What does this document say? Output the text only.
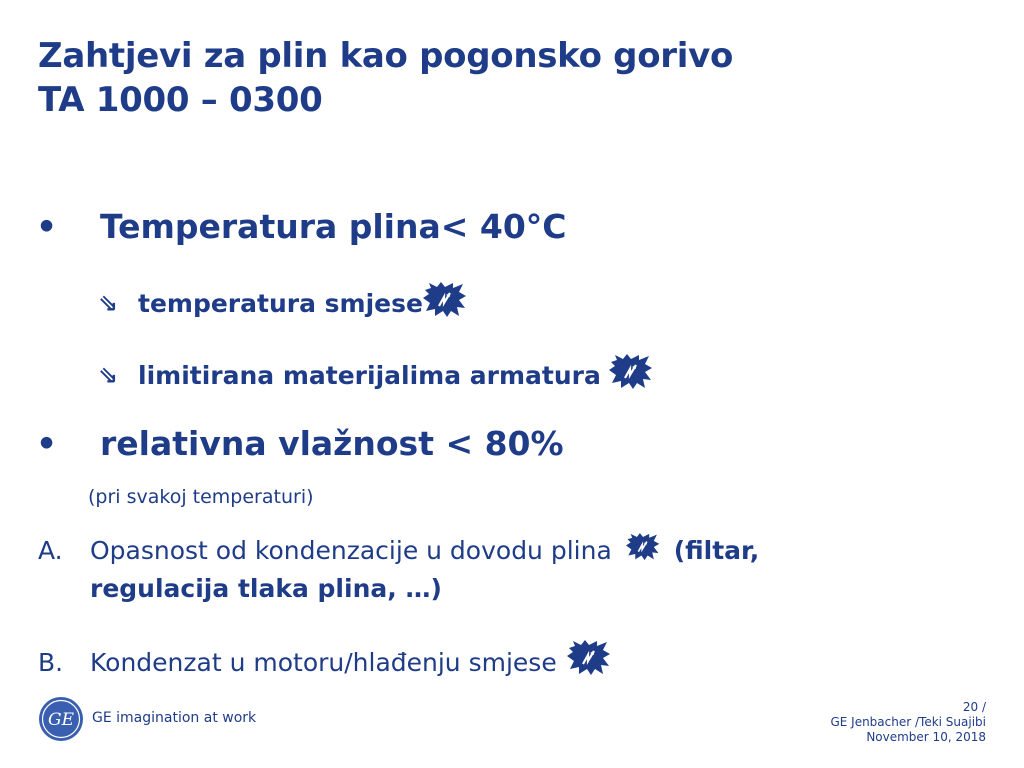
Zahtjevi za plin kao pogonsko gorivo
TA 1000 – 0300
• Temperatura plina< 40°C
⇘ temperatura smjese
⇘ limitirana materijalima armatura
• relativna vlažnost < 80%
(pri svakoj temperaturi)
A. Opasnost od kondenzacije u dovodu plina (filtar,
regulacija tlaka plina, …)
B.	Kondenzat u motoru/hlađenju smjese
GE GE imagination at work
20 /
GE Jenbacher /Teki Suajibi
November 10, 2018
